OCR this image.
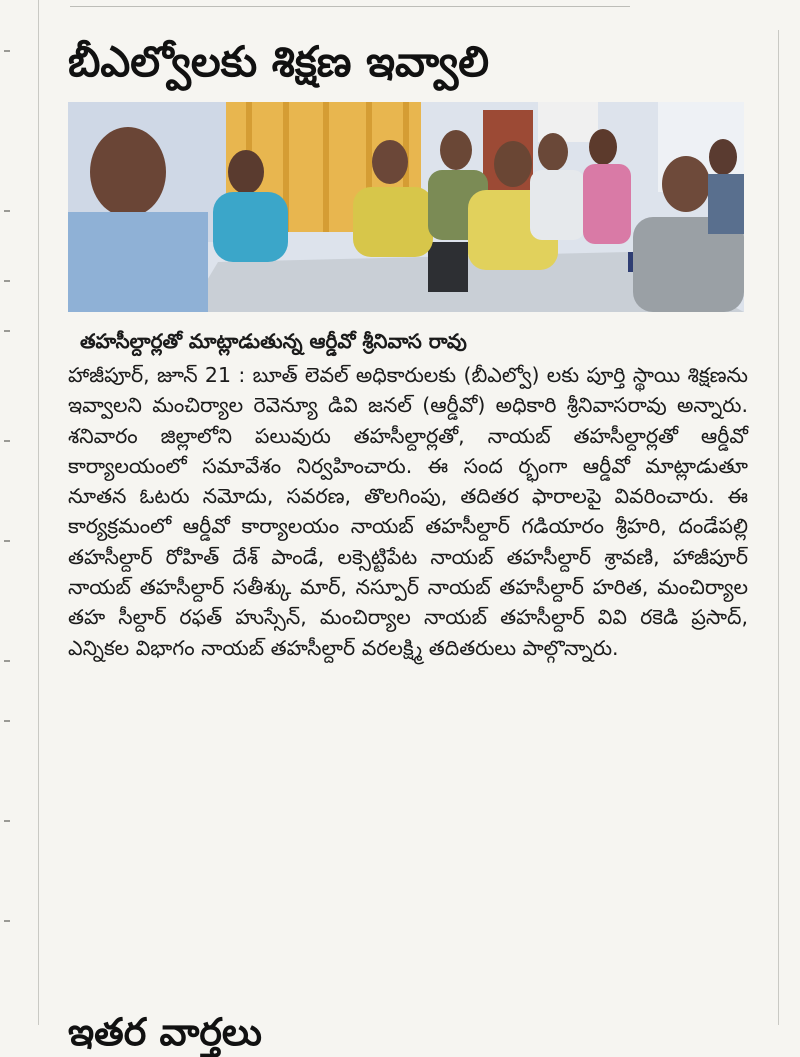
బీఎల్వోలకు శిక్షణ ఇవ్వాలి
తహసీల్దార్లతో మాట్లాడుతున్న ఆర్డీవో శ్రీనివాస రావు

హాజీపూర్, జూన్ 21 : బూత్ లెవల్ అధికారులకు (బీఎల్వో) లకు పూర్తి స్థాయి శిక్షణను ఇవ్వాలని మంచిర్యాల రెవెన్యూ డివి జనల్ (ఆర్డీవో) అధికారి శ్రీనివాసరావు అన్నారు. శనివారం జిల్లాలోని పలువురు తహసీల్దార్లతో, నాయబ్ తహసీల్దార్లతో ఆర్డీవో కార్యాలయంలో సమావేశం నిర్వహించారు. ఈ సంద ర్భంగా ఆర్డీవో మాట్లాడుతూ నూతన ఓటరు నమోదు, సవరణ, తొలగింపు, తదితర ఫారాలపై వివరించారు. ఈ కార్యక్రమంలో ఆర్డీవో కార్యాలయం నాయబ్ తహసీల్దార్ గడియారం శ్రీహరి, దండేపల్లి తహసీల్దార్ రోహిత్ దేశ్ పాండే, లక్సెట్టిపేట నాయబ్ తహసీల్దార్ శ్రావణి, హాజీపూర్ నాయబ్ తహసీల్దార్ సతీశ్కు మార్, నస్పూర్ నాయబ్ తహసీల్దార్ హరిత, మంచిర్యాల తహ సీల్దార్ రఫత్ హుస్సేన్, మంచిర్యాల నాయబ్ తహసీల్దార్ వివి రకెడి ప్రసాద్, ఎన్నికల విభాగం నాయబ్ తహసీల్దార్ వరలక్ష్మి తదితరులు పాల్గొన్నారు.

ఇతర వార్తలు
